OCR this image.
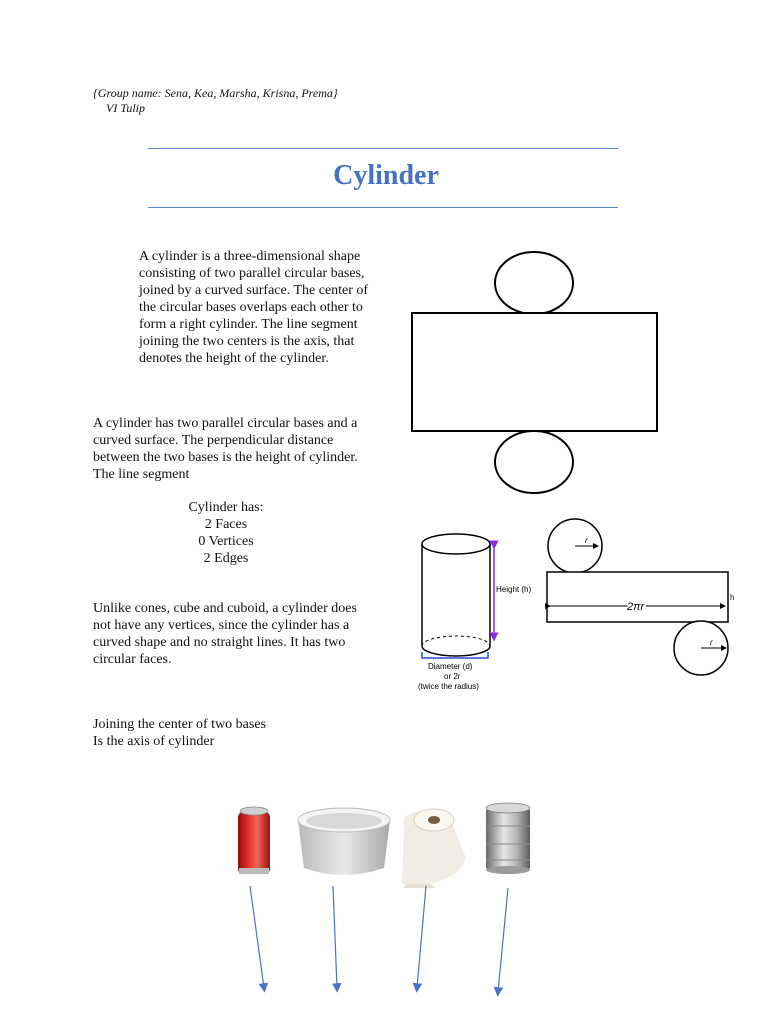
{Group name: Sena, Kea, Marsha, Krisna, Prema}
VI Tulip
Cylinder
A cylinder is a three-dimensional shape consisting of two parallel circular bases, joined by a curved surface. The center of the circular bases overlaps each other to form a right cylinder. The line segment joining the two centers is the axis, that denotes the height of the cylinder.
A cylinder has two parallel circular bases and a curved surface. The perpendicular distance between the two bases is the height of cylinder. The line segment
Cylinder has:
2 Faces
0 Vertices
2 Edges
Unlike cones, cube and cuboid, a cylinder does not have any vertices, since the cylinder has a curved shape and no straight lines. It has two circular faces.
Joining the center of two bases
Is the axis of cylinder
Height (h)
Diameter (d)
or 2r
(twice the radius)
r
2πr
h
r
